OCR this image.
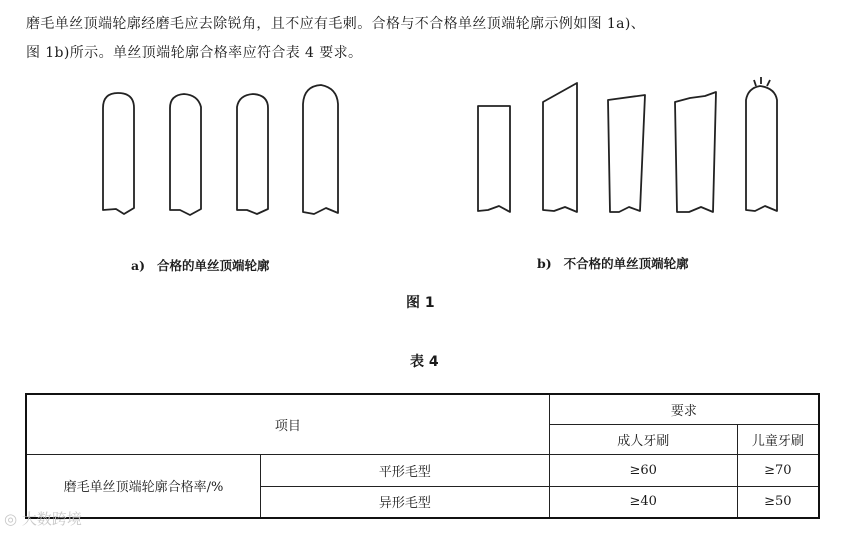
磨毛单丝顶端轮廓经磨毛应去除锐角，且不应有毛刺。合格与不合格单丝顶端轮廓示例如图 1a)、
图 1b)所示。单丝顶端轮廓合格率应符合表 4 要求。
a) 合格的单丝顶端轮廓	b) 不合格的单丝顶端轮廓
图 1
表 4
项目		要求	
		成人牙刷	儿童牙刷
磨毛单丝顶端轮廓合格率/%	平形毛型	≥60	≥70
	异形毛型	≥40	≥50
◎ 大数跨境
